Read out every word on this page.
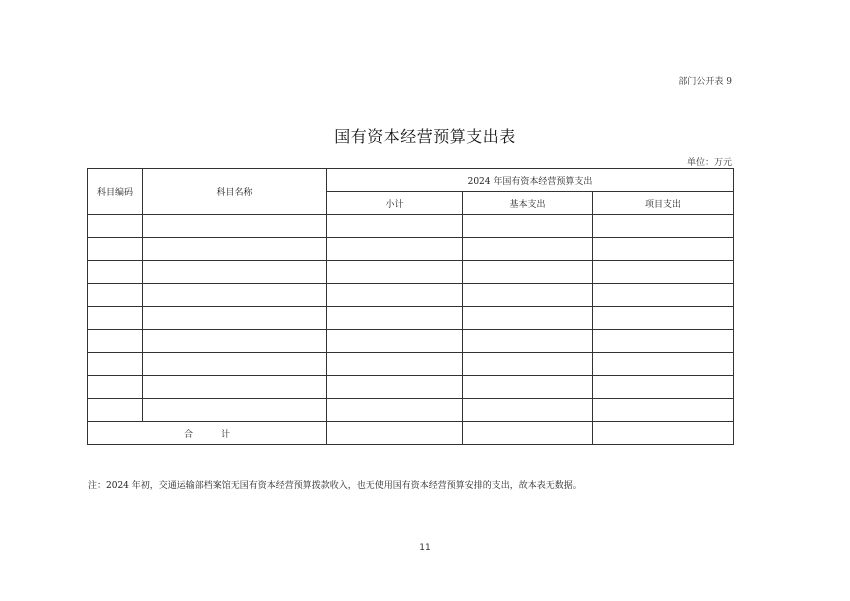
部门公开表 9
国有资本经营预算支出表
单位：万元
科目编码	科目名称	2024 年国有资本经营预算支出		
		小计	基本支出	项目支出

合计				
注：2024 年初，交通运输部档案馆无国有资本经营预算拨款收入，也无使用国有资本经营预算安排的支出，故本表无数据。
11
